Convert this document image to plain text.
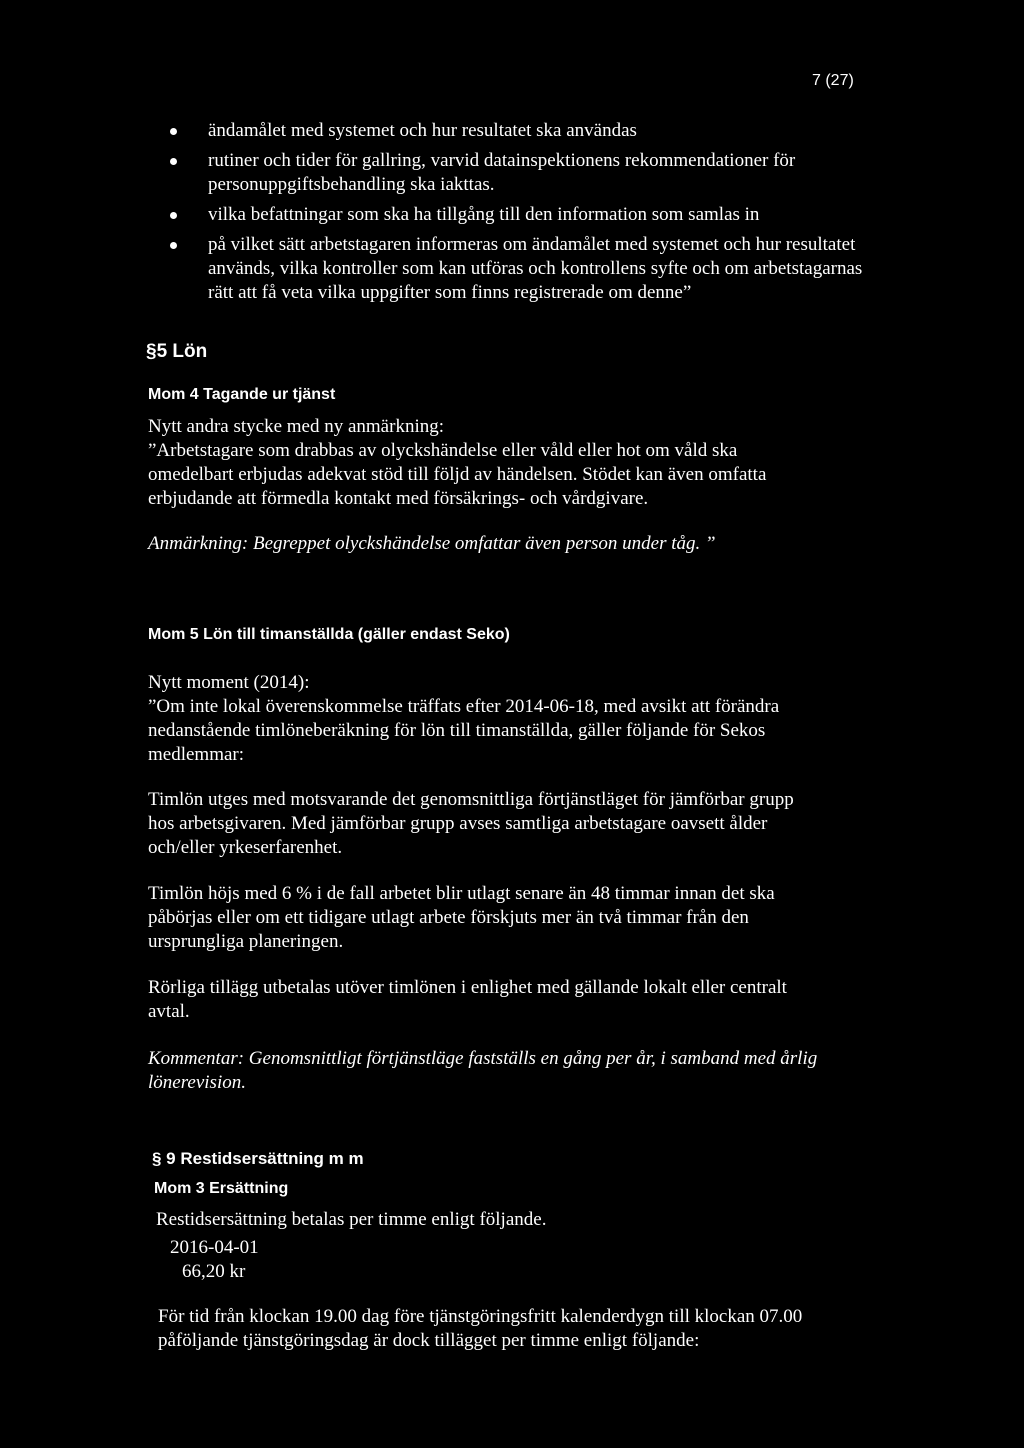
7 (27)
ändamålet med systemet och hur resultatet ska användas
rutiner och tider för gallring, varvid datainspektionens rekommendationer för personuppgiftsbehandling ska iakttas.
vilka befattningar som ska ha tillgång till den information som samlas in
på vilket sätt arbetstagaren informeras om ändamålet med systemet och hur resultatet används, vilka kontroller som kan utföras och kontrollens syfte och om arbetstagarnas rätt att få veta vilka uppgifter som finns registrerade om denne”
§5 Lön
Mom 4 Tagande ur tjänst

Nytt andra stycke med ny anmärkning:

”Arbetstagare som drabbas av olyckshändelse eller våld eller hot om våld ska

omedelbart erbjudas adekvat stöd till följd av händelsen. Stödet kan även omfatta

erbjudande att förmedla kontakt med försäkrings- och vårdgivare.

Anmärkning: Begreppet olyckshändelse omfattar även person under tåg. ”
Mom 5 Lön till timanställda (gäller endast Seko)

Nytt moment (2014):

”Om inte lokal överenskommelse träffats efter 2014-06-18, med avsikt att förändra

nedanstående timlöneberäkning för lön till timanställda, gäller följande för Sekos

medlemmar:

Timlön utges med motsvarande det genomsnittliga förtjänstläget för jämförbar grupp

hos arbetsgivaren. Med jämförbar grupp avses samtliga arbetstagare oavsett ålder

och/eller yrkeserfarenhet.

Timlön höjs med 6 % i de fall arbetet blir utlagt senare än 48 timmar innan det ska

påbörjas eller om ett tidigare utlagt arbete förskjuts mer än två timmar från den

ursprungliga planeringen.

Rörliga tillägg utbetalas utöver timlönen i enlighet med gällande lokalt eller centralt

avtal.

Kommentar: Genomsnittligt förtjänstläge fastställs en gång per år, i samband med årlig

lönerevision.

§ 9 Restidsersättning m m
Mom 3 Ersättning
Restidsersättning betalas per timme enligt följande.
2016-04-01
66,20 kr

För tid från klockan 19.00 dag före tjänstgöringsfritt kalenderdygn till klockan 07.00

påföljande tjänstgöringsdag är dock tillägget per timme enligt följande:
